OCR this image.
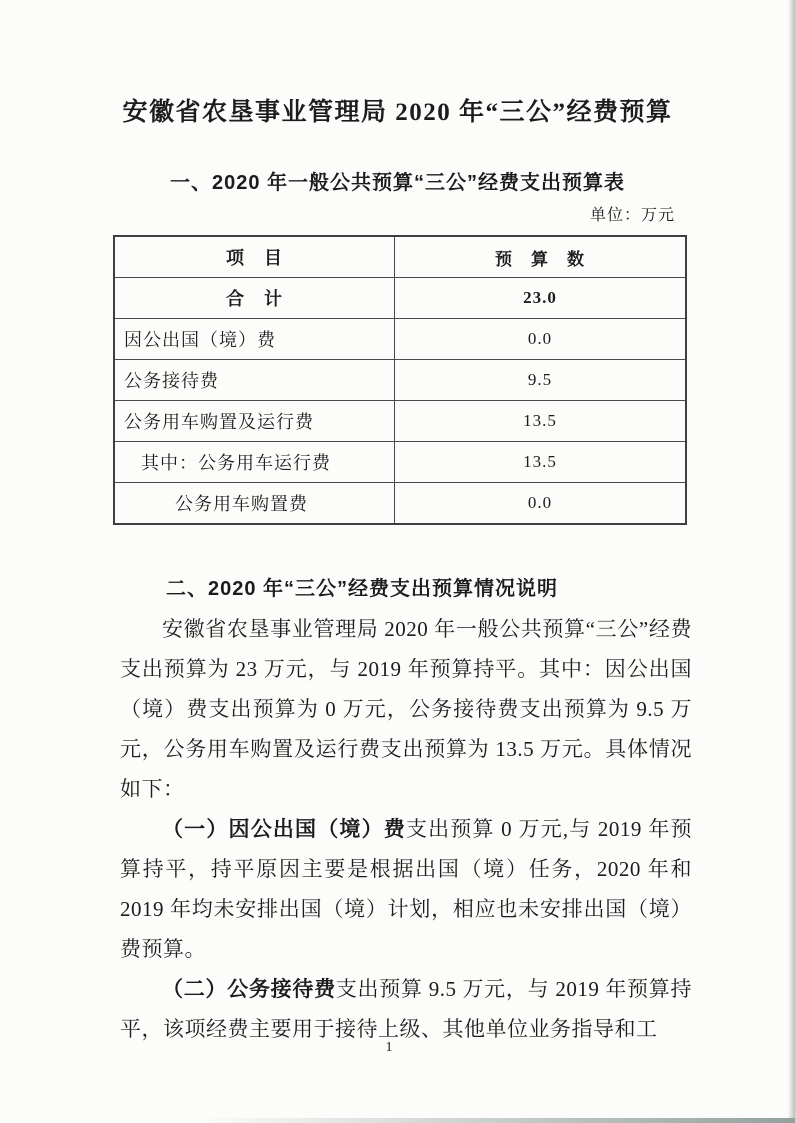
安徽省农垦事业管理局 2020 年“三公”经费预算
一、2020 年一般公共预算“三公”经费支出预算表
单位：万元
项　目	预　算　数
合　计	23.0
因公出国（境）费	0.0
公务接待费	9.5
公务用车购置及运行费	13.5
其中：公务用车运行费	13.5
公务用车购置费	0.0
二、2020 年“三公”经费支出预算情况说明

安徽省农垦事业管理局 2020 年一般公共预算“三公”经费支出预算为 23 万元，与 2019 年预算持平。其中：因公出国（境）费支出预算为 0 万元，公务接待费支出预算为 9.5 万元，公务用车购置及运行费支出预算为 13.5 万元。具体情况如下：

（一）因公出国（境）费支出预算 0 万元,与 2019 年预算持平，持平原因主要是根据出国（境）任务，2020 年和 2019 年均未安排出国（境）计划，相应也未安排出国（境）费预算。

（二）公务接待费支出预算 9.5 万元，与 2019 年预算持平，该项经费主要用于接待上级、其他单位业务指导和工

1
